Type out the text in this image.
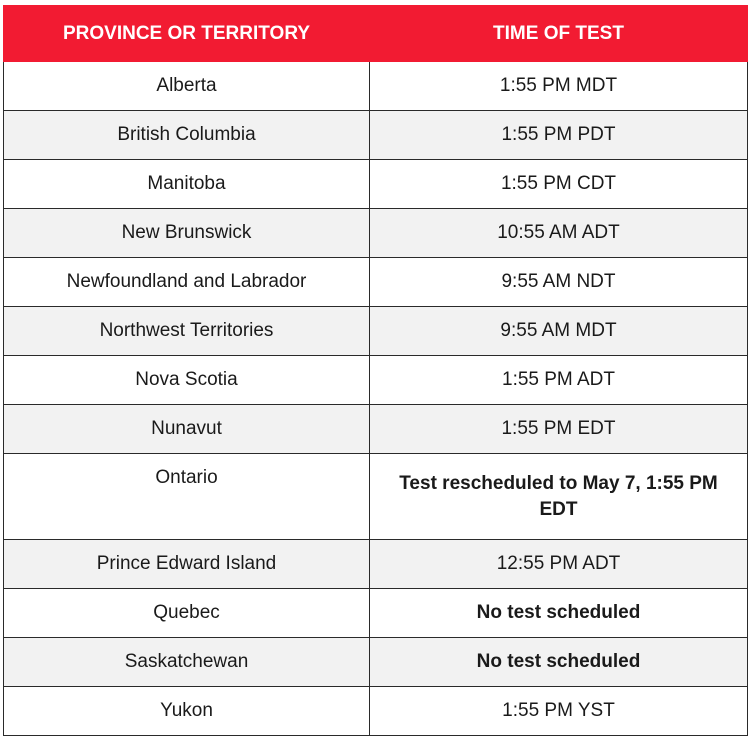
PROVINCE OR TERRITORY	TIME OF TEST
Alberta	1:55 PM MDT
British Columbia	1:55 PM PDT
Manitoba	1:55 PM CDT
New Brunswick	10:55 AM ADT
Newfoundland and Labrador	9:55 AM NDT
Northwest Territories	9:55 AM MDT
Nova Scotia	1:55 PM ADT
Nunavut	1:55 PM EDT
Ontario	Test rescheduled to May 7, 1:55 PM EDT
Prince Edward Island	12:55 PM ADT
Quebec	No test scheduled
Saskatchewan	No test scheduled
Yukon	1:55 PM YST
